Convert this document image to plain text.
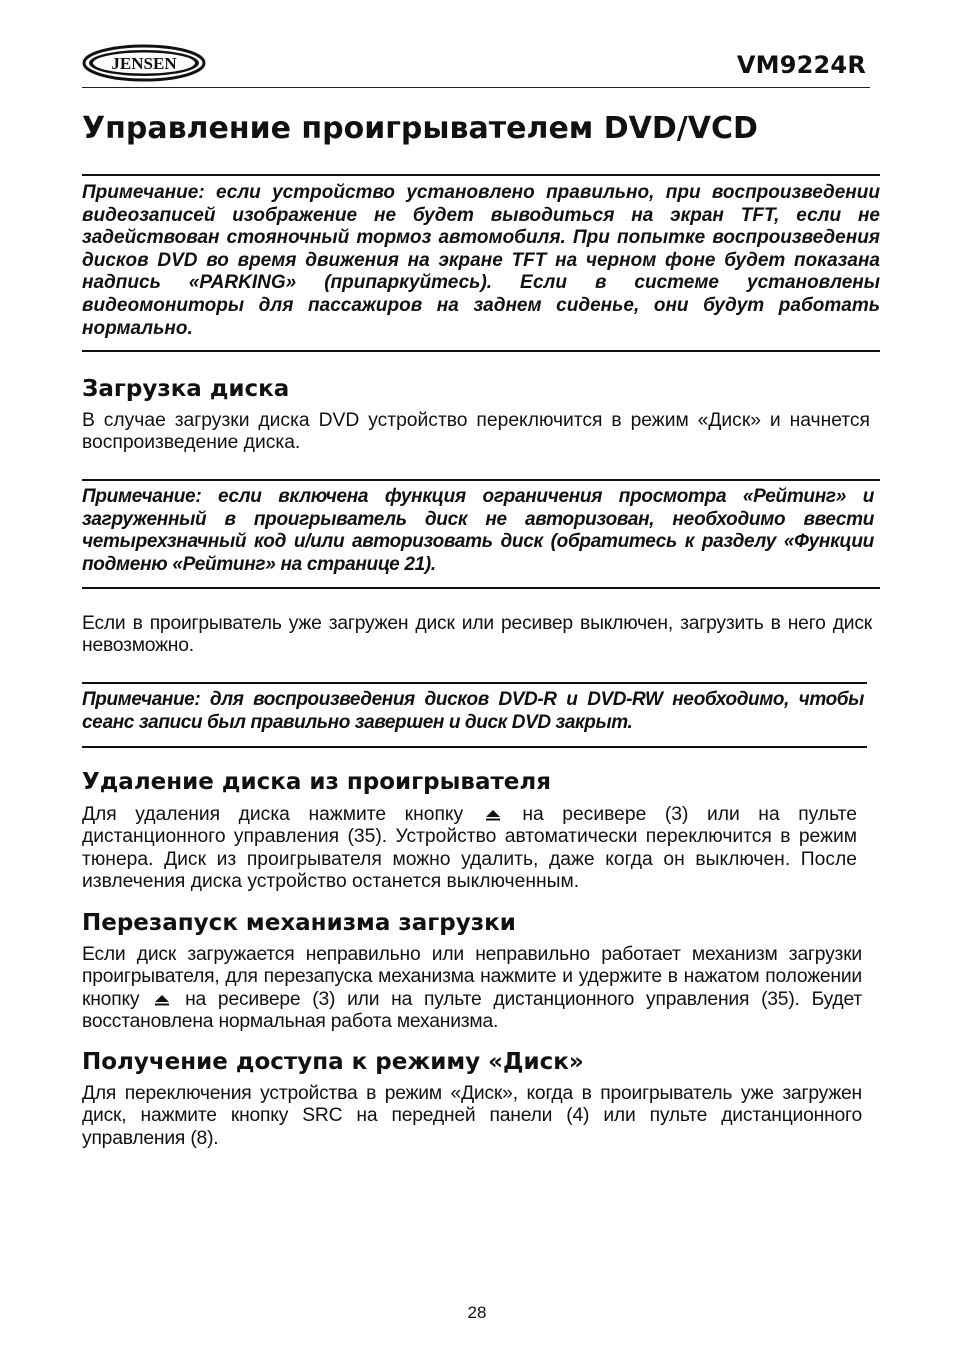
JENSEN	VM9224R
Управление проигрывателем DVD/VCD
Примечание: если устройство установлено правильно, при воспроизведении видеозаписей изображение не будет выводиться на экран TFT, если не задействован стояночный тормоз автомобиля. При попытке воспроизведения дисков DVD во время движения на экране TFT на черном фоне будет показана надпись «PARKING» (припаркуйтесь). Если в системе установлены видеомониторы для пассажиров на заднем сиденье, они будут работать нормально.
Загрузка диска
В случае загрузки диска DVD устройство переключится в режим «Диск» и начнется воспроизведение диска.
Примечание: если включена функция ограничения просмотра «Рейтинг» и загруженный в проигрыватель диск не авторизован, необходимо ввести четырехзначный код и/или авторизовать диск (обратитесь к разделу «Функции подменю «Рейтинг» на странице 21).
Если в проигрыватель уже загружен диск или ресивер выключен, загрузить в него диск невозможно.
Примечание: для воспроизведения дисков DVD-R и DVD-RW необходимо, чтобы сеанс записи был правильно завершен и диск DVD закрыт.
Удаление диска из проигрывателя
Для удаления диска нажмите кнопку	на ресивере (3) или на пульте дистанционного управления (35). Устройство автоматически переключится в режим тюнера. Диск из проигрывателя можно удалить, даже когда он выключен. После извлечения диска устройство останется выключенным.
Перезапуск механизма загрузки
Если диск загружается неправильно или неправильно работает механизм загрузки проигрывателя, для перезапуска механизма нажмите и удержите в нажатом положении кнопку на ресивере (3) или на пульте дистанционного управления (35). Будет восстановлена нормальная работа механизма.
Получение доступа к режиму «Диск»
Для переключения устройства в режим «Диск», когда в проигрыватель уже загружен диск, нажмите кнопку SRC на передней панели (4) или пульте дистанционного управления (8).
28
